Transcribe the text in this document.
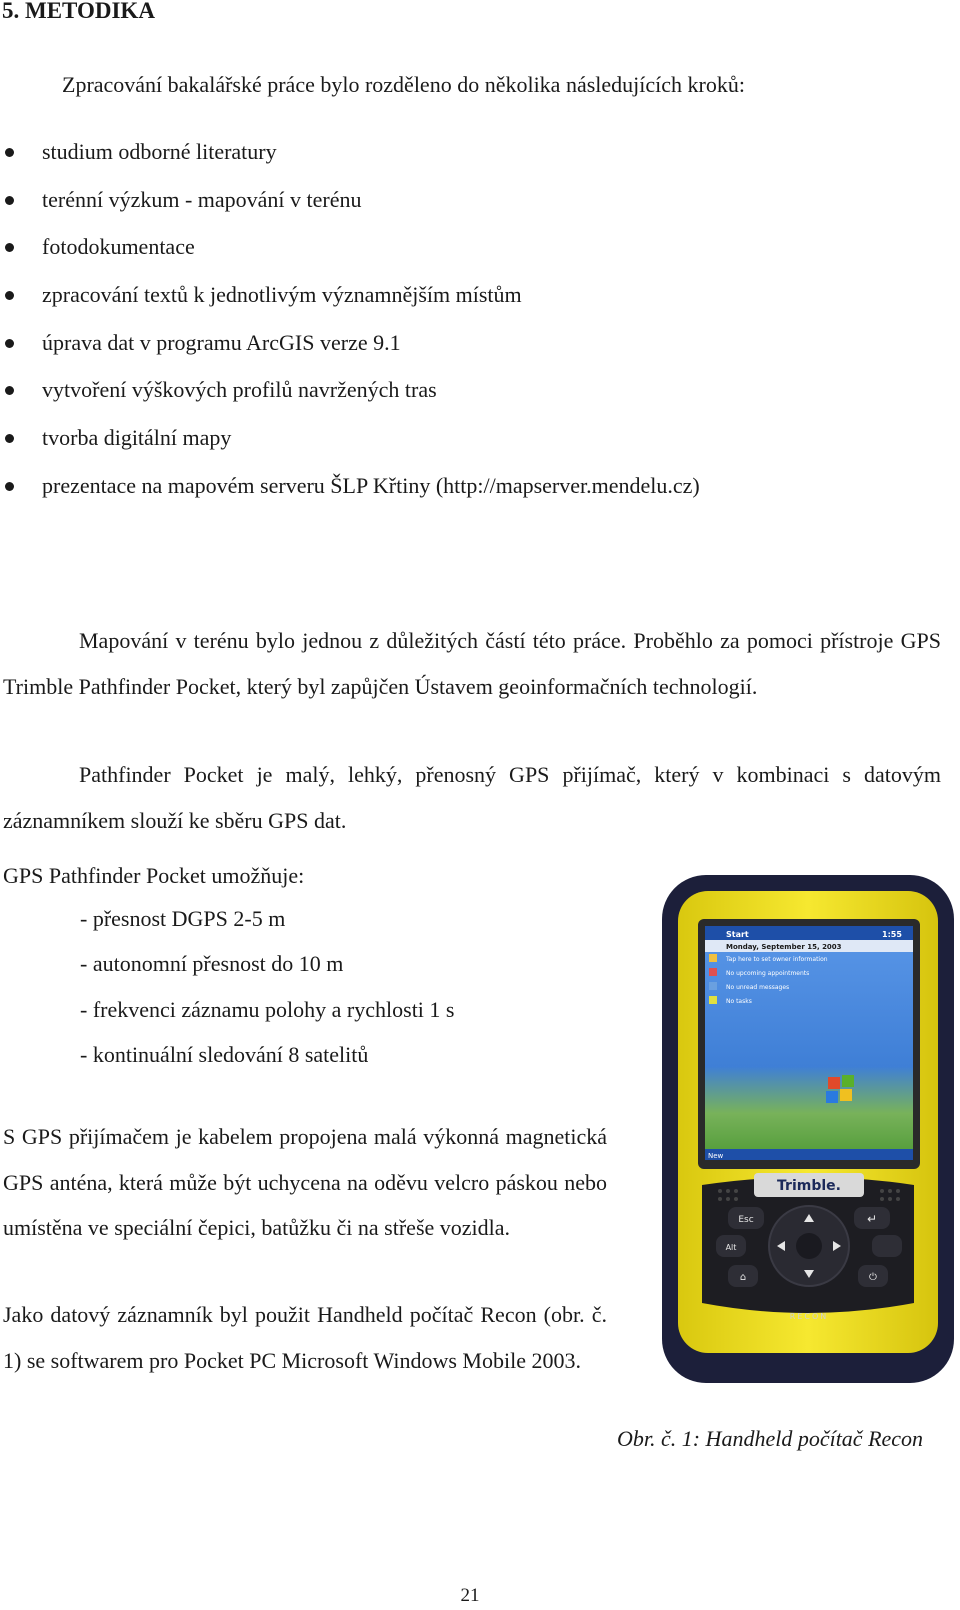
5. METODIKA
Zpracování bakalářské práce bylo rozděleno do několika následujících kroků:
studium odborné literatury
terénní výzkum - mapování v terénu
fotodokumentace
zpracování textů k jednotlivým významnějším místům
úprava dat v programu ArcGIS verze 9.1
vytvoření výškových profilů navržených tras
tvorba digitální mapy
prezentace na mapovém serveru ŠLP Křtiny (http://mapserver.mendelu.cz)
Mapování v terénu bylo jednou z důležitých částí této práce. Proběhlo za pomoci přístroje GPS Trimble Pathfinder Pocket, který byl zapůjčen Ústavem geoinformačních technologií.
Pathfinder Pocket je malý, lehký, přenosný GPS přijímač, který v kombinaci s datovým záznamníkem slouží ke sběru GPS dat.
GPS Pathfinder Pocket umožňuje:
- přesnost DGPS 2-5 m
- autonomní přesnost do 10 m
- frekvenci záznamu polohy a rychlosti 1 s
- kontinuální sledování 8 satelitů
S GPS přijímačem je kabelem propojena malá výkonná magnetická GPS anténa, která může být uchycena na oděvu velcro páskou nebo umístěna ve speciální čepici, batůžku či na střeše vozidla.
Jako datový záznamník byl použit Handheld počítač Recon (obr. č. 1) se softwarem pro Pocket PC Microsoft Windows Mobile 2003.
Start	1:55
Monday, September 15, 2003
Tap here to set owner information
No upcoming appointments
No unread messages
No tasks
New
Trimble.
Esc	↵
Alt
⌂	⏻
RECON
Obr. č. 1: Handheld počítač Recon
21
